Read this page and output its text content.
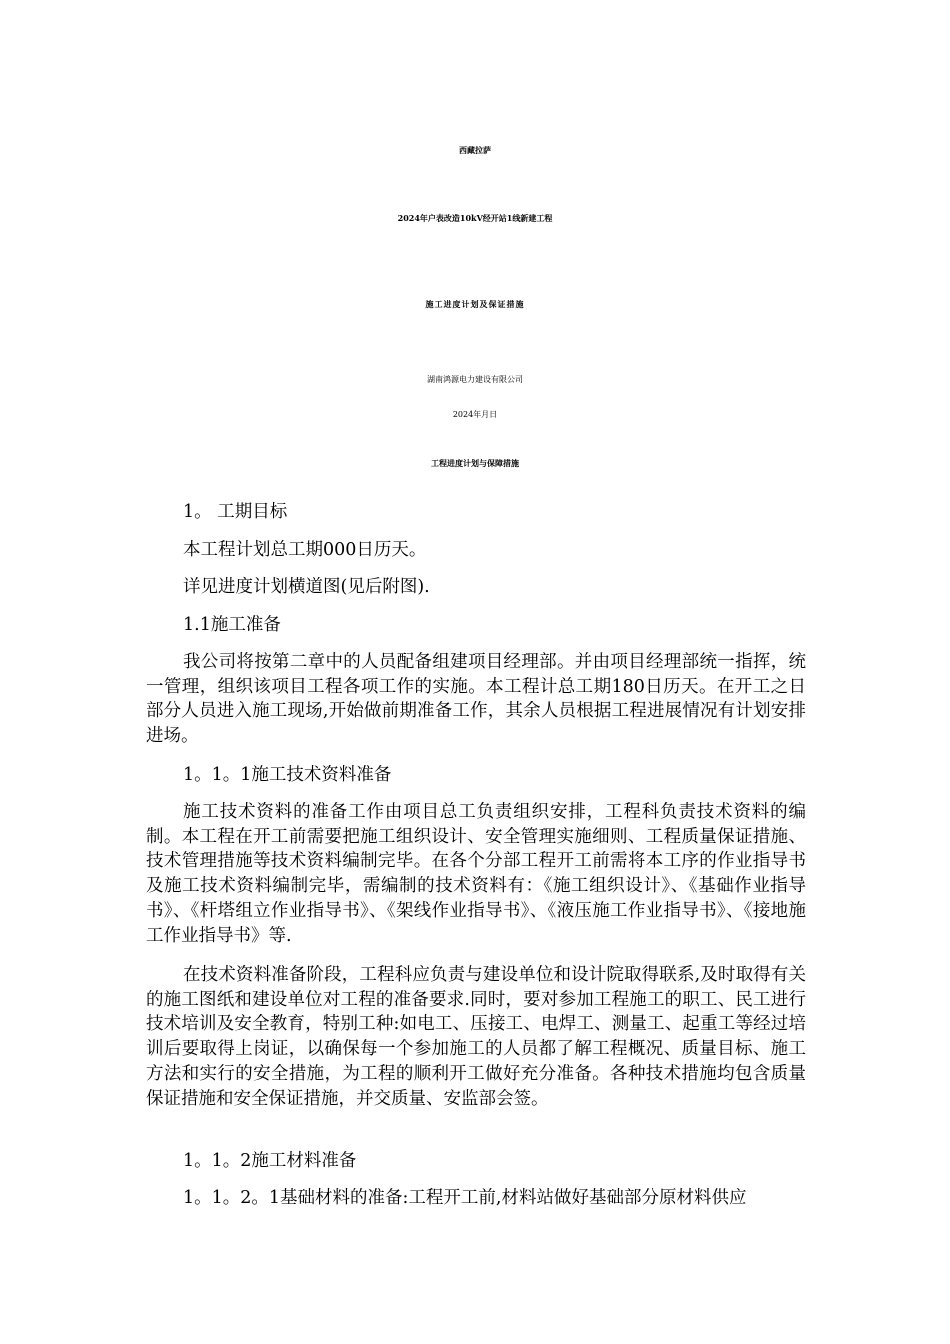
西藏拉萨
2024年户表改造10kV经开站1线新建工程
施工进度计划及保证措施
湖南鸿源电力建设有限公司
2024年月日
工程进度计划与保障措施

1。 工期目标

本工程计划总工期000日历天。

详见进度计划横道图(见后附图).

1.1施工准备

我公司将按第二章中的人员配备组建项目经理部。并由项目经理部统一指挥，统一管理，组织该项目工程各项工作的实施。本工程计总工期180日历天。在开工之日部分人员进入施工现场,开始做前期准备工作，其余人员根据工程进展情况有计划安排进场。

1。1。1施工技术资料准备

施工技术资料的准备工作由项目总工负责组织安排，工程科负责技术资料的编制。本工程在开工前需要把施工组织设计、安全管理实施细则、工程质量保证措施、技术管理措施等技术资料编制完毕。在各个分部工程开工前需将本工序的作业指导书及施工技术资料编制完毕，需编制的技术资料有：《施工组织设计》、《基础作业指导书》、《杆塔组立作业指导书》、《架线作业指导书》、《液压施工作业指导书》、《接地施工作业指导书》等.

在技术资料准备阶段，工程科应负责与建设单位和设计院取得联系,及时取得有关的施工图纸和建设单位对工程的准备要求.同时，要对参加工程施工的职工、民工进行技术培训及安全教育，特别工种:如电工、压接工、电焊工、测量工、起重工等经过培训后要取得上岗证，以确保每一个参加施工的人员都了解工程概况、质量目标、施工方法和实行的安全措施，为工程的顺利开工做好充分准备。各种技术措施均包含质量保证措施和安全保证措施，并交质量、安监部会签。

1。1。2施工材料准备

1。1。2。1基础材料的准备:工程开工前,材料站做好基础部分原材料供应
